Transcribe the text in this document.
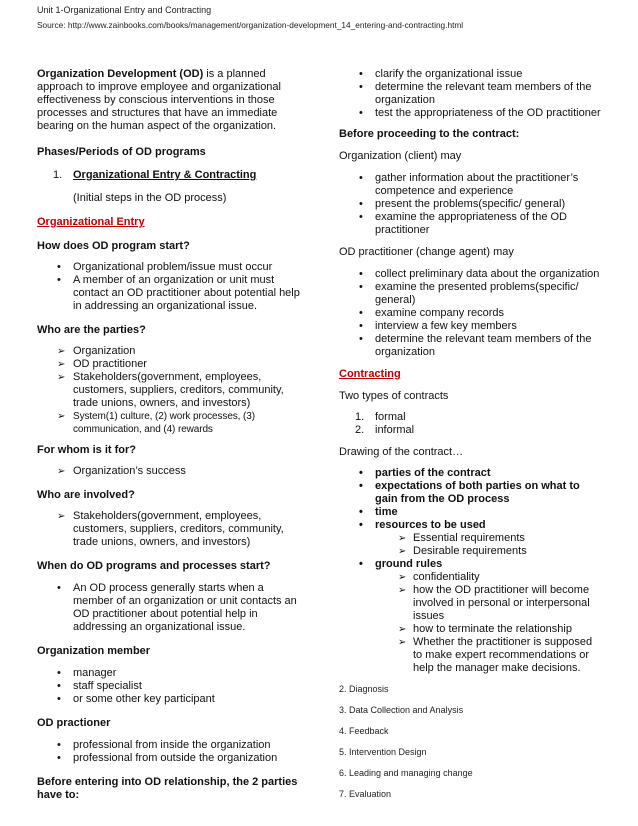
Unit 1-Organizational Entry and Contracting
Source: http://www.zainbooks.com/books/management/organization-development_14_entering-and-contracting.html

Organization Development (OD) is a planned approach to improve employee and organizational effectiveness by conscious interventions in those processes and structures that have an immediate bearing on the human aspect of the organization.

Phases/Periods of OD programs

1. Organizational Entry & Contracting

(Initial steps in the OD process)

Organizational Entry

How does OD program start?

• Organizational problem/issue must occur
• A member of an organization or unit must contact an OD practitioner about potential help in addressing an organizational issue.

Who are the parties?

➢ Organization
➢ OD practitioner
➢ Stakeholders(government, employees, customers, suppliers, creditors, community, trade unions, owners, and investors)
➢ System(1) culture, (2) work processes, (3) communication, and (4) rewards

For whom is it for?

➢ Organization’s success

Who are involved?

➢ Stakeholders(government, employees, customers, suppliers, creditors, community, trade unions, owners, and investors)

When do OD programs and processes start?

• An OD process generally starts when a member of an organization or unit contacts an OD practitioner about potential help in addressing an organizational issue.

Organization member

• manager
• staff specialist
• or some other key participant

OD practioner

• professional from inside the organization
• professional from outside the organization

Before entering into OD relationship, the 2 parties have to:

• clarify the organizational issue
• determine the relevant team members of the organization
• test the appropriateness of the OD practitioner

Before proceeding to the contract:

Organization (client) may

• gather information about the practitioner’s competence and experience
• present the problems(specific/ general)
• examine the appropriateness of the OD practitioner

OD practitioner (change agent) may

• collect preliminary data about the organization
• examine the presented problems(specific/ general)
• examine company records
• interview a few key members
• determine the relevant team members of the organization

Contracting

Two types of contracts

1. formal
2. informal

Drawing of the contract…

• parties of the contract
• expectations of both parties on what to gain from the OD process
• time
• resources to be used
➢ Essential requirements
➢ Desirable requirements
• ground rules
➢ confidentiality
➢ how the OD practitioner will become involved in personal or interpersonal issues
➢ how to terminate the relationship
➢ Whether the practitioner is supposed to make expert recommendations or help the manager make decisions.

2. Diagnosis

3. Data Collection and Analysis

4. Feedback

5. Intervention Design

6. Leading and managing change

7. Evaluation
